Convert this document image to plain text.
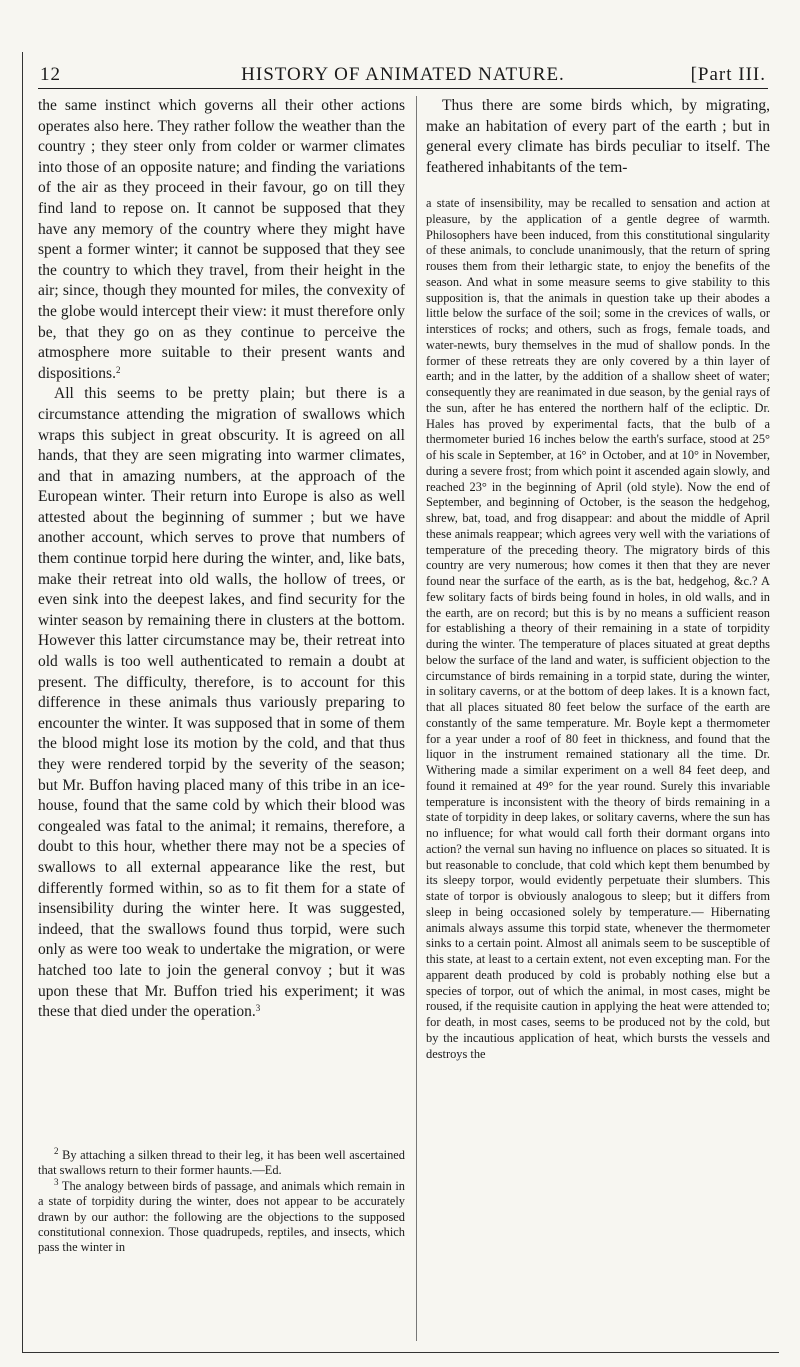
12	HISTORY OF ANIMATED NATURE.	[Part III.

the same instinct which governs all their other actions operates also here. They rather follow the weather than the country ; they steer only from colder or warmer climates into those of an opposite nature; and finding the variations of the air as they proceed in their favour, go on till they find land to repose on. It cannot be supposed that they have any memory of the country where they might have spent a former winter; it cannot be supposed that they see the country to which they travel, from their height in the air; since, though they mounted for miles, the convexity of the globe would intercept their view: it must therefore only be, that they go on as they continue to perceive the atmosphere more suitable to their present wants and dispositions.$^2$

All this seems to be pretty plain; but there is a circumstance attending the migration of swallows which wraps this subject in great obscurity. It is agreed on all hands, that they are seen migrating into warmer climates, and that in amazing numbers, at the approach of the European winter. Their return into Europe is also as well attested about the beginning of summer ; but we have another account, which serves to prove that numbers of them continue torpid here during the winter, and, like bats, make their retreat into old walls, the hollow of trees, or even sink into the deepest lakes, and find security for the winter season by remaining there in clusters at the bottom. However this latter circumstance may be, their retreat into old walls is too well authenticated to remain a doubt at present. The difficulty, therefore, is to account for this difference in these animals thus variously preparing to encounter the winter. It was supposed that in some of them the blood might lose its motion by the cold, and that thus they were rendered torpid by the severity of the season; but Mr. Buffon having placed many of this tribe in an ice-house, found that the same cold by which their blood was congealed was fatal to the animal; it remains, therefore, a doubt to this hour, whether there may not be a species of swallows to all external appearance like the rest, but differently formed within, so as to fit them for a state of insensibility during the winter here. It was suggested, indeed, that the swallows found thus torpid, were such only as were too weak to undertake the migration, or were hatched too late to join the general convoy ; but it was upon these that Mr. Buffon tried his experiment; it was these that died under the operation.$^3$

Thus there are some birds which, by migrating, make an habitation of every part of the earth ; but in general every climate has birds peculiar to itself. The feathered inhabitants of the tem-

$^2$ By attaching a silken thread to their leg, it has been well ascertained that swallows return to their former haunts.—Ed.

$^3$ The analogy between birds of passage, and animals which remain in a state of torpidity during the winter, does not appear to be accurately drawn by our author: the following are the objections to the supposed constitutional connexion. Those quadrupeds, reptiles, and insects, which pass the winter in

a state of insensibility, may be recalled to sensation and action at pleasure, by the application of a gentle degree of warmth. Philosophers have been induced, from this constitutional singularity of these animals, to conclude unanimously, that the return of spring rouses them from their lethargic state, to enjoy the benefits of the season. And what in some measure seems to give stability to this supposition is, that the animals in question take up their abodes a little below the surface of the soil; some in the crevices of walls, or interstices of rocks; and others, such as frogs, female toads, and water-newts, bury themselves in the mud of shallow ponds. In the former of these retreats they are only covered by a thin layer of earth; and in the latter, by the addition of a shallow sheet of water; consequently they are reanimated in due season, by the genial rays of the sun, after he has entered the northern half of the ecliptic. Dr. Hales has proved by experimental facts, that the bulb of a thermometer buried 16 inches below the earth's surface, stood at 25° of his scale in September, at 16° in October, and at 10° in November, during a severe frost; from which point it ascended again slowly, and reached 23° in the beginning of April (old style). Now the end of September, and beginning of October, is the season the hedgehog, shrew, bat, toad, and frog disappear: and about the middle of April these animals reappear; which agrees very well with the variations of temperature of the preceding theory. The migratory birds of this country are very numerous; how comes it then that they are never found near the surface of the earth, as is the bat, hedgehog, &c.? A few solitary facts of birds being found in holes, in old walls, and in the earth, are on record; but this is by no means a sufficient reason for establishing a theory of their remaining in a state of torpidity during the winter. The temperature of places situated at great depths below the surface of the land and water, is sufficient objection to the circumstance of birds remaining in a torpid state, during the winter, in solitary caverns, or at the bottom of deep lakes. It is a known fact, that all places situated 80 feet below the surface of the earth are constantly of the same temperature. Mr. Boyle kept a thermometer for a year under a roof of 80 feet in thickness, and found that the liquor in the instrument remained stationary all the time. Dr. Withering made a similar experiment on a well 84 feet deep, and found it remained at 49° for the year round. Surely this invariable temperature is inconsistent with the theory of birds remaining in a state of torpidity in deep lakes, or solitary caverns, where the sun has no influence; for what would call forth their dormant organs into action? the vernal sun having no influence on places so situated. It is but reasonable to conclude, that cold which kept them benumbed by its sleepy torpor, would evidently perpetuate their slumbers. This state of torpor is obviously analogous to sleep; but it differs from sleep in being occasioned solely by temperature.— Hibernating animals always assume this torpid state, whenever the thermometer sinks to a certain point. Almost all animals seem to be susceptible of this state, at least to a certain extent, not even excepting man. For the apparent death produced by cold is probably nothing else but a species of torpor, out of which the animal, in most cases, might be roused, if the requisite caution in applying the heat were attended to; for death, in most cases, seems to be produced not by the cold, but by the incautious application of heat, which bursts the vessels and destroys the
